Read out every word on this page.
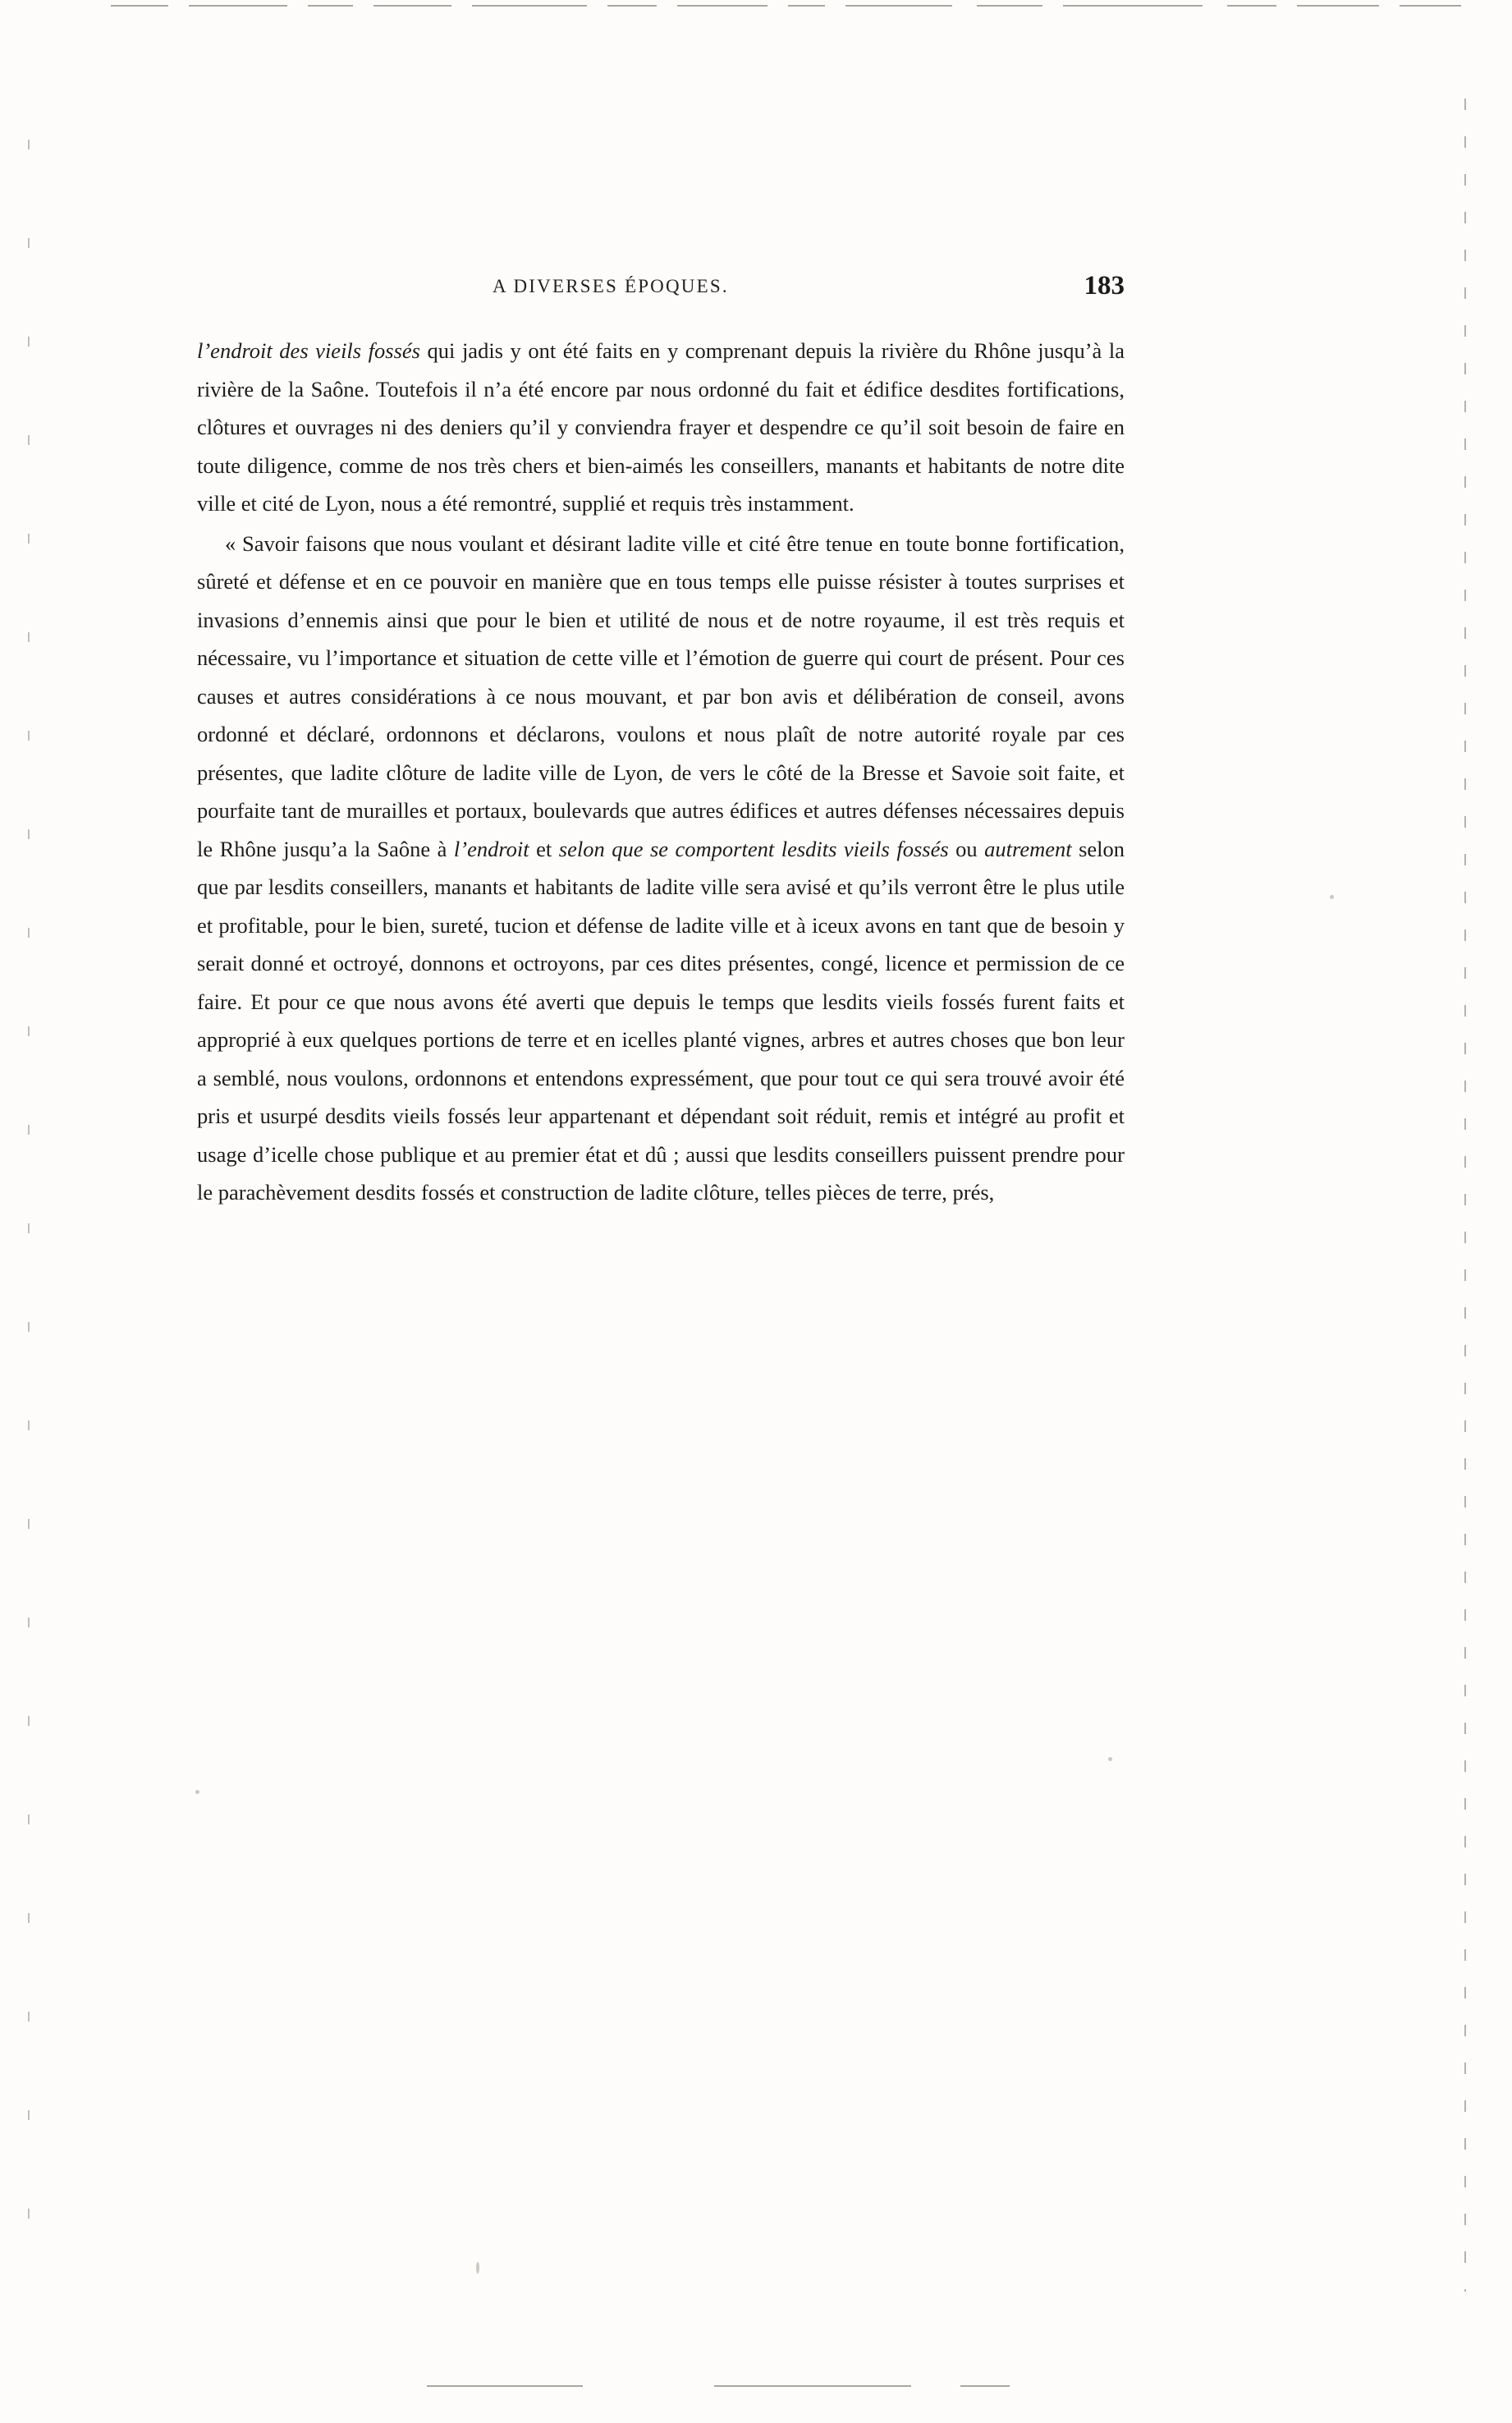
A DIVERSES ÉPOQUES.	183
l’endroit des vieils fossés qui jadis y ont été faits en y comprenant depuis la rivière du Rhône jusqu’à la rivière de la Saône. Toutefois il n’a été encore par nous ordonné du fait et édifice desdites fortifications, clôtures et ouvrages ni des deniers qu’il y conviendra frayer et despendre ce qu’il soit besoin de faire en toute diligence, comme de nos très chers et bien-aimés les conseillers, manants et habitants de notre dite ville et cité de Lyon, nous a été remontré, supplié et requis très instamment.
« Savoir faisons que nous voulant et désirant ladite ville et cité être tenue en toute bonne fortification, sûreté et défense et en ce pouvoir en manière que en tous temps elle puisse résister à toutes surprises et invasions d’ennemis ainsi que pour le bien et utilité de nous et de notre royaume, il est très requis et nécessaire, vu l’importance et situation de cette ville et l’émotion de guerre qui court de présent. Pour ces causes et autres considérations à ce nous mouvant, et par bon avis et délibération de conseil, avons ordonné et déclaré, ordonnons et déclarons, voulons et nous plaît de notre autorité royale par ces présentes, que ladite clôture de ladite ville de Lyon, de vers le côté de la Bresse et Savoie soit faite, et pourfaite tant de murailles et portaux, boulevards que autres édifices et autres défenses nécessaires depuis le Rhône jusqu’a la Saône à l’endroit et selon que se comportent lesdits vieils fossés ou autrement selon que par lesdits conseillers, manants et habitants de ladite ville sera avisé et qu’ils verront être le plus utile et profitable, pour le bien, sureté, tucion et défense de ladite ville et à iceux avons en tant que de besoin y serait donné et octroyé, donnons et octroyons, par ces dites présentes, congé, licence et permission de ce faire. Et pour ce que nous avons été averti que depuis le temps que lesdits vieils fossés furent faits et approprié à eux quelques portions de terre et en icelles planté vignes, arbres et autres choses que bon leur a semblé, nous voulons, ordonnons et entendons expressément, que pour tout ce qui sera trouvé avoir été pris et usurpé desdits vieils fossés leur appartenant et dépendant soit réduit, remis et intégré au profit et usage d’icelle chose publique et au premier état et dû ; aussi que lesdits conseillers puissent prendre pour le parachèvement desdits fossés et construction de ladite clôture, telles pièces de terre, prés,
